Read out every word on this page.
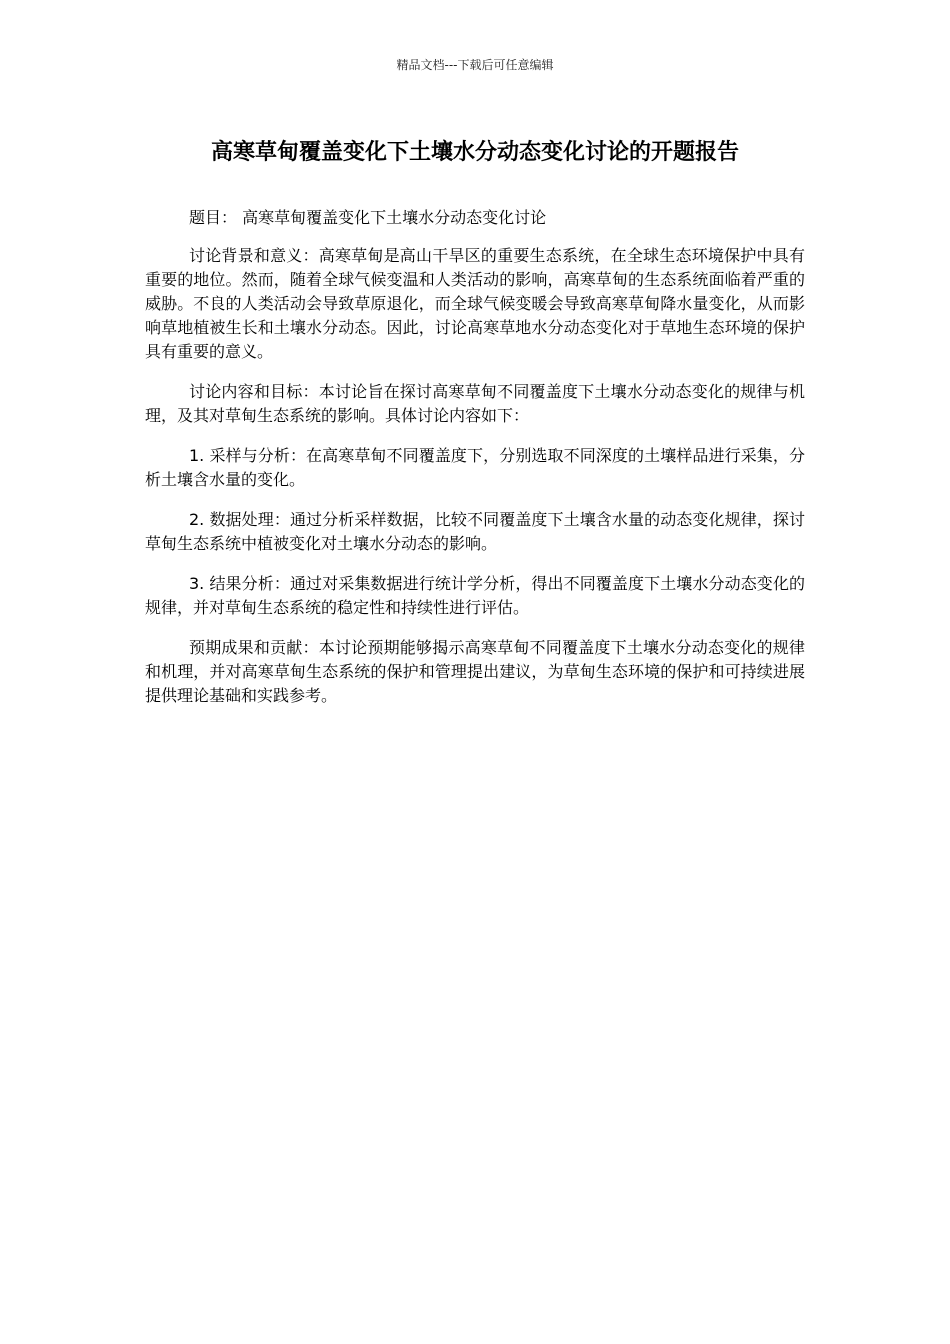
精品文档---下载后可任意编辑
高寒草甸覆盖变化下土壤水分动态变化讨论的开题报告

题目： 高寒草甸覆盖变化下土壤水分动态变化讨论

讨论背景和意义：高寒草甸是高山干旱区的重要生态系统，在全球生态环境保护中具有重要的地位。然而，随着全球气候变温和人类活动的影响，高寒草甸的生态系统面临着严重的威胁。不良的人类活动会导致草原退化，而全球气候变暖会导致高寒草甸降水量变化，从而影响草地植被生长和土壤水分动态。因此，讨论高寒草地水分动态变化对于草地生态环境的保护具有重要的意义。

讨论内容和目标：本讨论旨在探讨高寒草甸不同覆盖度下土壤水分动态变化的规律与机理，及其对草甸生态系统的影响。具体讨论内容如下：

1. 采样与分析：在高寒草甸不同覆盖度下，分别选取不同深度的土壤样品进行采集，分析土壤含水量的变化。

2. 数据处理：通过分析采样数据，比较不同覆盖度下土壤含水量的动态变化规律，探讨草甸生态系统中植被变化对土壤水分动态的影响。

3. 结果分析：通过对采集数据进行统计学分析，得出不同覆盖度下土壤水分动态变化的规律，并对草甸生态系统的稳定性和持续性进行评估。

预期成果和贡献：本讨论预期能够揭示高寒草甸不同覆盖度下土壤水分动态变化的规律和机理，并对高寒草甸生态系统的保护和管理提出建议，为草甸生态环境的保护和可持续进展提供理论基础和实践参考。
